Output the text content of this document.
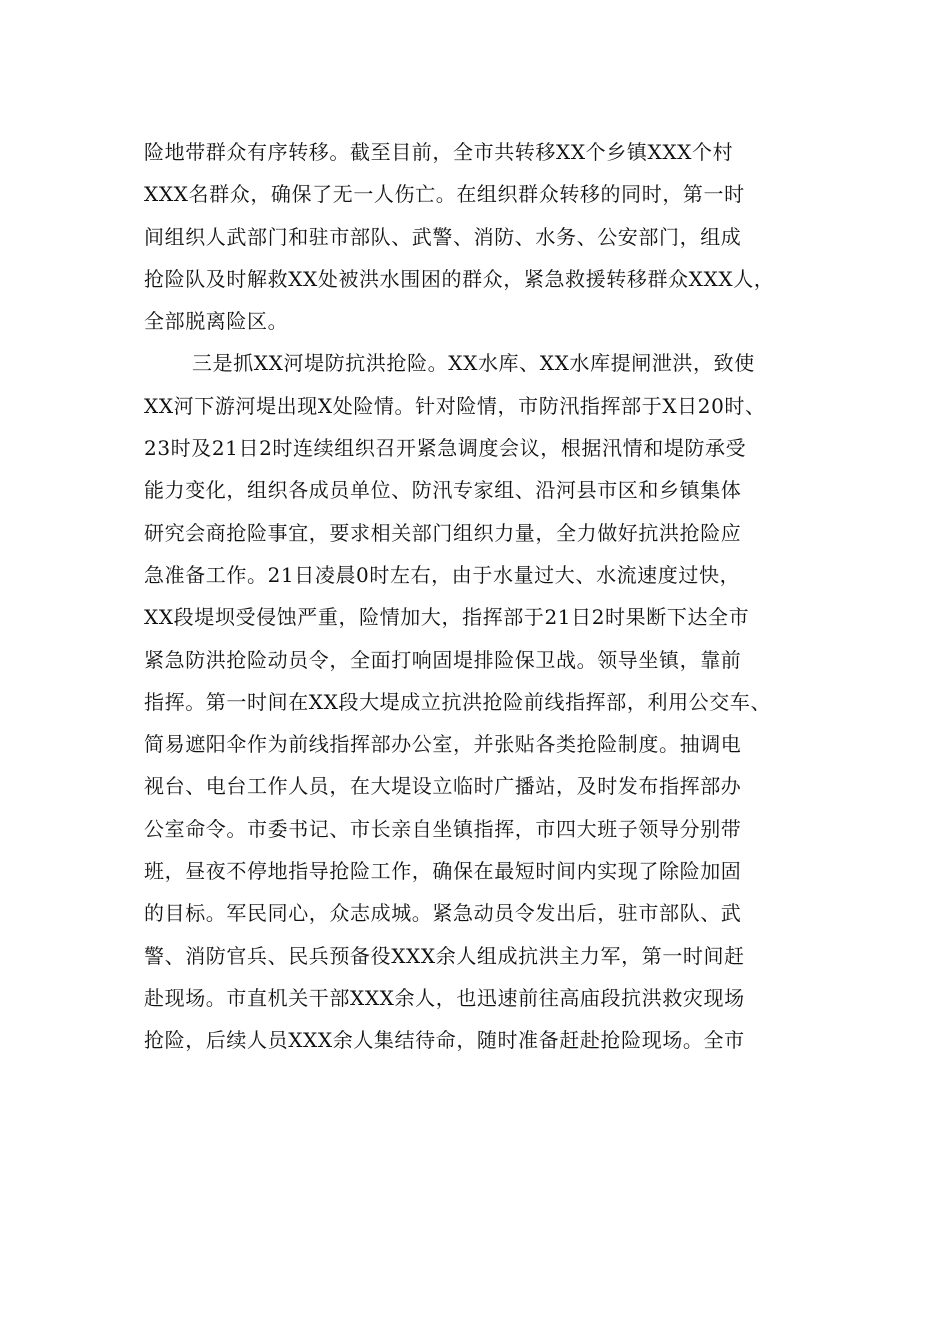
险地带群众有序转移。截至目前，全市共转移XX个乡镇XXX个村
XXX名群众，确保了无一人伤亡。在组织群众转移的同时，第一时
间组织人武部门和驻市部队、武警、消防、水务、公安部门，组成
抢险队及时解救XX处被洪水围困的群众，紧急救援转移群众XXX人，
全部脱离险区。
三是抓XX河堤防抗洪抢险。XX水库、XX水库提闸泄洪，致使
XX河下游河堤出现X处险情。针对险情，市防汛指挥部于X日20时、
23时及21日2时连续组织召开紧急调度会议，根据汛情和堤防承受
能力变化，组织各成员单位、防汛专家组、沿河县市区和乡镇集体
研究会商抢险事宜，要求相关部门组织力量，全力做好抗洪抢险应
急准备工作。21日凌晨0时左右，由于水量过大、水流速度过快，
XX段堤坝受侵蚀严重，险情加大，指挥部于21日2时果断下达全市
紧急防洪抢险动员令，全面打响固堤排险保卫战。领导坐镇，靠前
指挥。第一时间在XX段大堤成立抗洪抢险前线指挥部，利用公交车、
简易遮阳伞作为前线指挥部办公室，并张贴各类抢险制度。抽调电
视台、电台工作人员，在大堤设立临时广播站，及时发布指挥部办
公室命令。市委书记、市长亲自坐镇指挥，市四大班子领导分别带
班，昼夜不停地指导抢险工作，确保在最短时间内实现了除险加固
的目标。军民同心，众志成城。紧急动员令发出后，驻市部队、武
警、消防官兵、民兵预备役XXX余人组成抗洪主力军，第一时间赶
赴现场。市直机关干部XXX余人，也迅速前往高庙段抗洪救灾现场
抢险，后续人员XXX余人集结待命，随时准备赶赴抢险现场。全市
